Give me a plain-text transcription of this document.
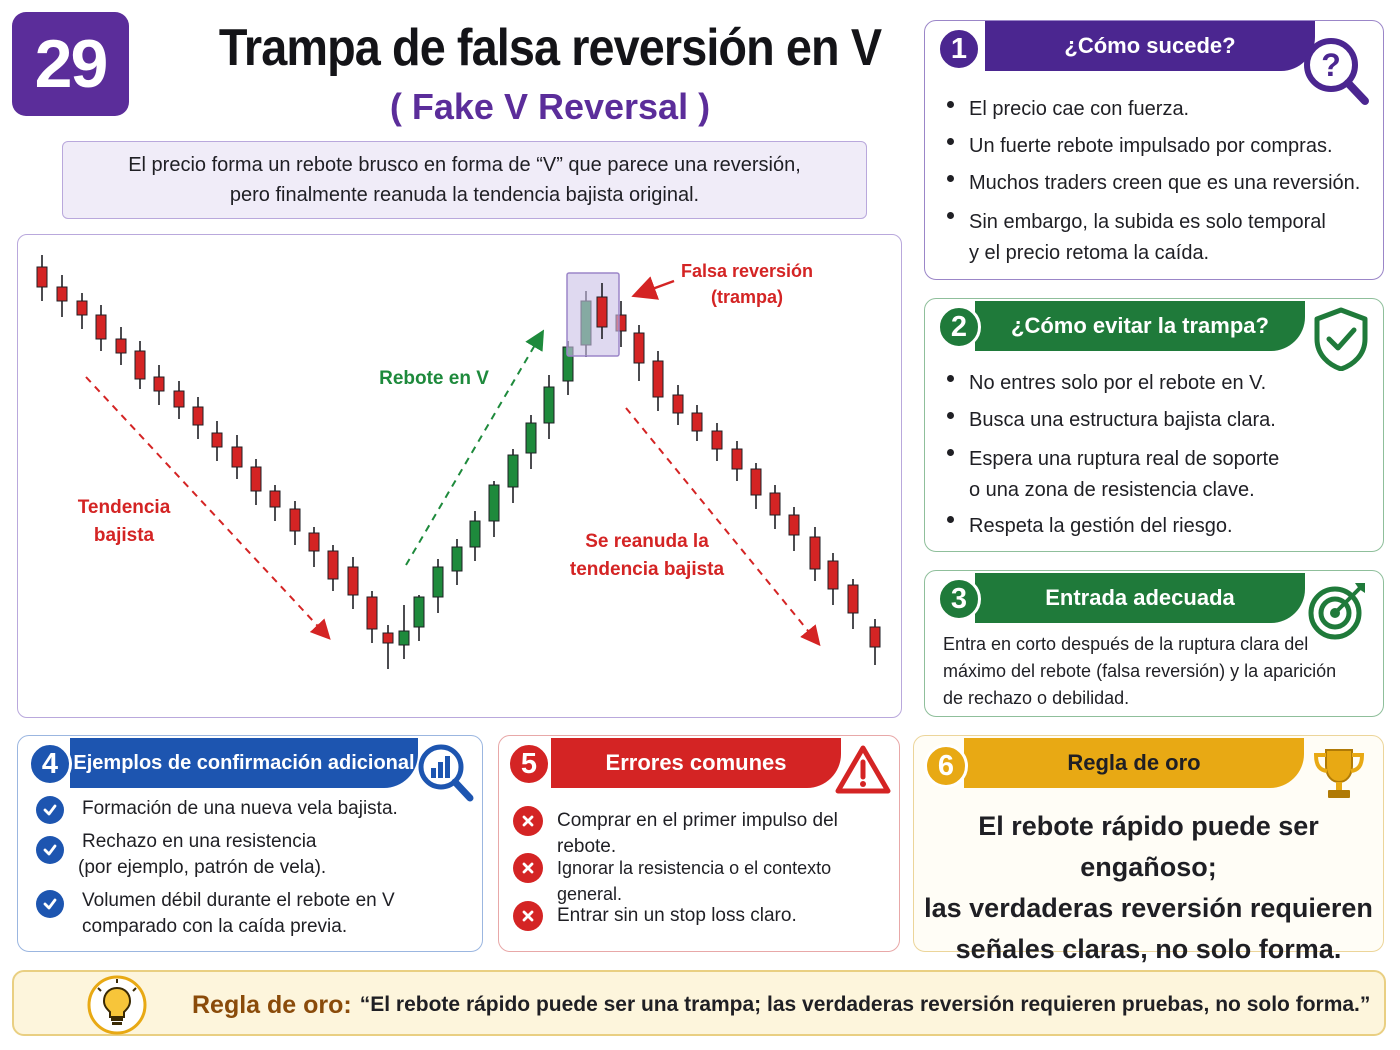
29	Trampa de falsa reversión en V
( Fake V Reversal )
El precio forma un rebote brusco en forma de “V” que parece una reversión,
pero finalmente reanuda la tendencia bajista original.
Tendencia
bajista
Rebote en V
Falsa reversión
(trampa)
Se reanuda la
tendencia bajista
¿Cómo sucede?
1	?
El precio cae con fuerza.
Un fuerte rebote impulsado por compras.
Muchos traders creen que es una reversión.
Sin embargo, la subida es solo temporal
y el precio retoma la caída.
¿Cómo evitar la trampa?
2
No entres solo por el rebote en V.
Busca una estructura bajista clara.
Espera una ruptura real de soporte
o una zona de resistencia clave.
Respeta la gestión del riesgo.
Entrada adecuada
3
Entra en corto después de la ruptura clara del
máximo del rebote (falsa reversión) y la aparición
de rechazo o debilidad.
Ejemplos de confirmación adicional
4
Formación de una nueva vela bajista.
Rechazo en una resistencia
(por ejemplo, patrón de vela).
Volumen débil durante el rebote en V
comparado con la caída previa.
Errores comunes
5
Comprar en el primer impulso del rebote.
Ignorar la resistencia o el contexto general.
Entrar sin un stop loss claro.
Regla de oro
6
El rebote rápido puede ser engañoso;
las verdaderas reversión requieren
señales claras, no solo forma.
Regla de oro: “El rebote rápido puede ser una trampa; las verdaderas reversión requieren pruebas, no solo forma.”
